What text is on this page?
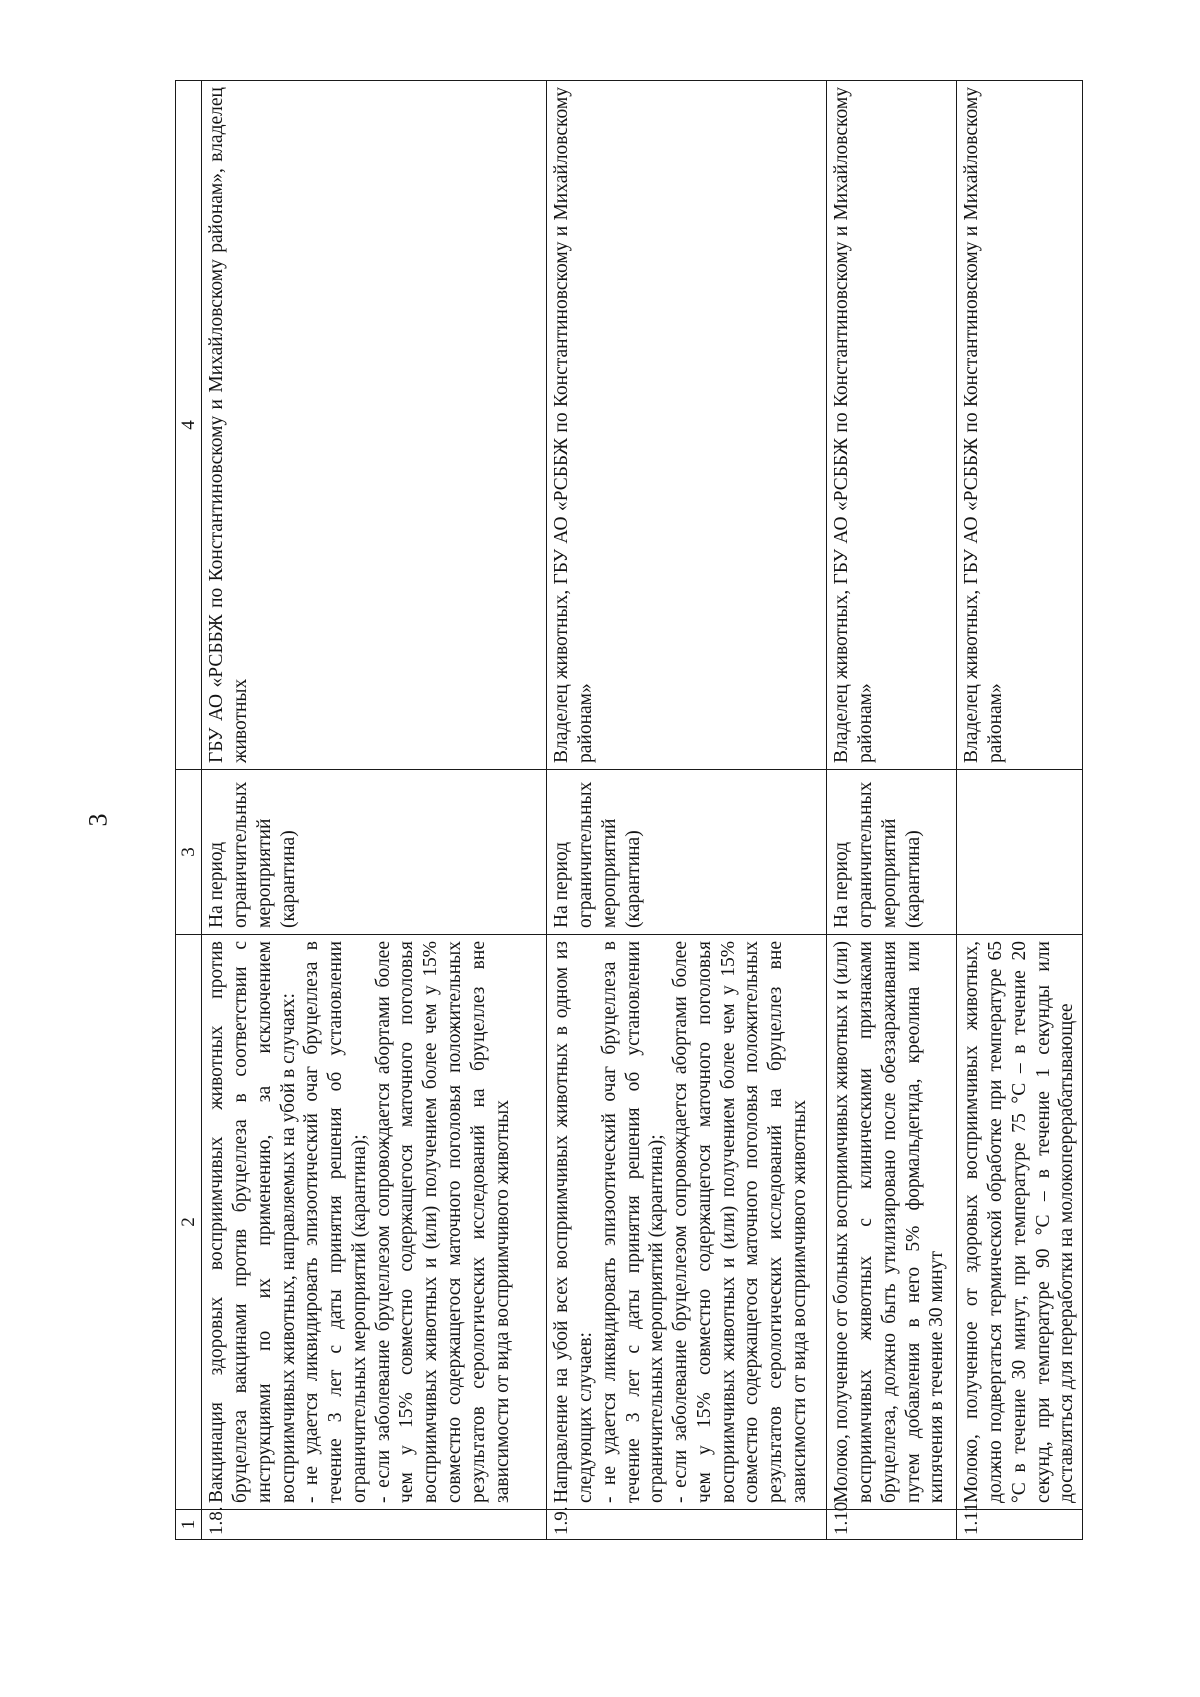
3
1	2	3	4
1.8.	Вакцинация здоровых восприимчивых животных против бруцеллеза вакцинами против бруцеллеза в соответствии с инструкциями по их применению, за исключением восприимчивых животных, направляемых на убой в случаях: - не удается ликвидировать эпизоотический очаг бруцеллеза в течение 3 лет с даты принятия решения об установлении ограничительных мероприятий (карантина); - если заболевание бруцеллезом сопровождается абортами более чем у 15% совместно содержащегося маточного поголовья восприимчивых животных и (или) получением более чем у 15% совместно содержащегося маточного поголовья положительных результатов серологических исследований на бруцеллез вне зависимости от вида восприимчивого животных	На период ограничительных мероприятий (карантина)	ГБУ АО «РСББЖ по Константиновскому и Михайловскому районам», владелец животных
1.9.	Направление на убой всех восприимчивых животных в одном из следующих случаев: - не удается ликвидировать эпизоотический очаг бруцеллеза в течение 3 лет с даты принятия решения об установлении ограничительных мероприятий (карантина); - если заболевание бруцеллезом сопровождается абортами более чем у 15% совместно содержащегося маточного поголовья восприимчивых животных и (или) получением более чем у 15% совместно содержащегося маточного поголовья положительных результатов серологических исследований на бруцеллез вне зависимости от вида восприимчивого животных	На период ограничительных мероприятий (карантина)	Владелец животных, ГБУ АО «РСББЖ по Константиновскому и Михайловскому районам»
1.10.	Молоко, полученное от больных восприимчивых животных и (или) восприимчивых животных с клиническими признаками бруцеллеза, должно быть утилизировано после обеззараживания путем добавления в него 5% формальдегида, креолина или кипячения в течение 30 минут	На период ограничительных мероприятий (карантина)	Владелец животных, ГБУ АО «РСББЖ по Константиновскому и Михайловскому районам»
1.11.	Молоко, полученное от здоровых восприимчивых животных, должно подвергаться термической обработке при температуре 65 °С в течение 30 минут, при температуре 75 °С – в течение 20 секунд, при температуре 90 °С – в течение 1 секунды или доставляться для переработки на молокоперерабатывающее		Владелец животных, ГБУ АО «РСББЖ по Константиновскому и Михайловскому районам»
